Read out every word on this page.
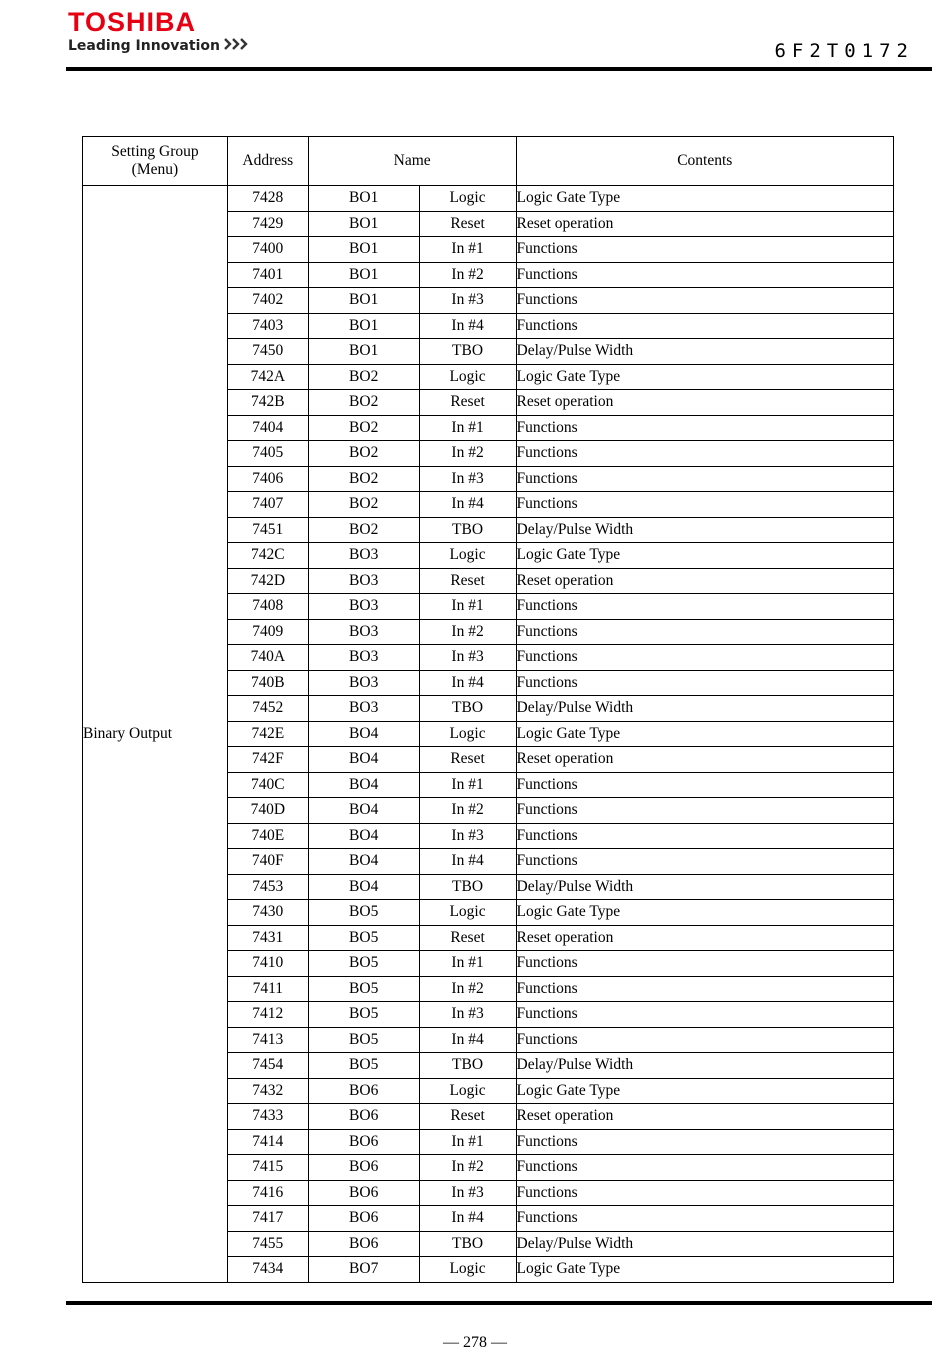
TOSHIBA
Leading Innovation	6F2T0172
Setting Group
(Menu)	Address	Name		Contents
Binary Output	7428	BO1	Logic	Logic Gate Type
	7429	BO1	Reset	Reset operation
	7400	BO1	In #1	Functions
	7401	BO1	In #2	Functions
	7402	BO1	In #3	Functions
	7403	BO1	In #4	Functions
	7450	BO1	TBO	Delay/Pulse Width
	742A	BO2	Logic	Logic Gate Type
	742B	BO2	Reset	Reset operation
	7404	BO2	In #1	Functions
	7405	BO2	In #2	Functions
	7406	BO2	In #3	Functions
	7407	BO2	In #4	Functions
	7451	BO2	TBO	Delay/Pulse Width
	742C	BO3	Logic	Logic Gate Type
	742D	BO3	Reset	Reset operation
	7408	BO3	In #1	Functions
	7409	BO3	In #2	Functions
	740A	BO3	In #3	Functions
	740B	BO3	In #4	Functions
	7452	BO3	TBO	Delay/Pulse Width
	742E	BO4	Logic	Logic Gate Type
	742F	BO4	Reset	Reset operation
	740C	BO4	In #1	Functions
	740D	BO4	In #2	Functions
	740E	BO4	In #3	Functions
	740F	BO4	In #4	Functions
	7453	BO4	TBO	Delay/Pulse Width
	7430	BO5	Logic	Logic Gate Type
	7431	BO5	Reset	Reset operation
	7410	BO5	In #1	Functions
	7411	BO5	In #2	Functions
	7412	BO5	In #3	Functions
	7413	BO5	In #4	Functions
	7454	BO5	TBO	Delay/Pulse Width
	7432	BO6	Logic	Logic Gate Type
	7433	BO6	Reset	Reset operation
	7414	BO6	In #1	Functions
	7415	BO6	In #2	Functions
	7416	BO6	In #3	Functions
	7417	BO6	In #4	Functions
	7455	BO6	TBO	Delay/Pulse Width
	7434	BO7	Logic	Logic Gate Type
— 278 —
